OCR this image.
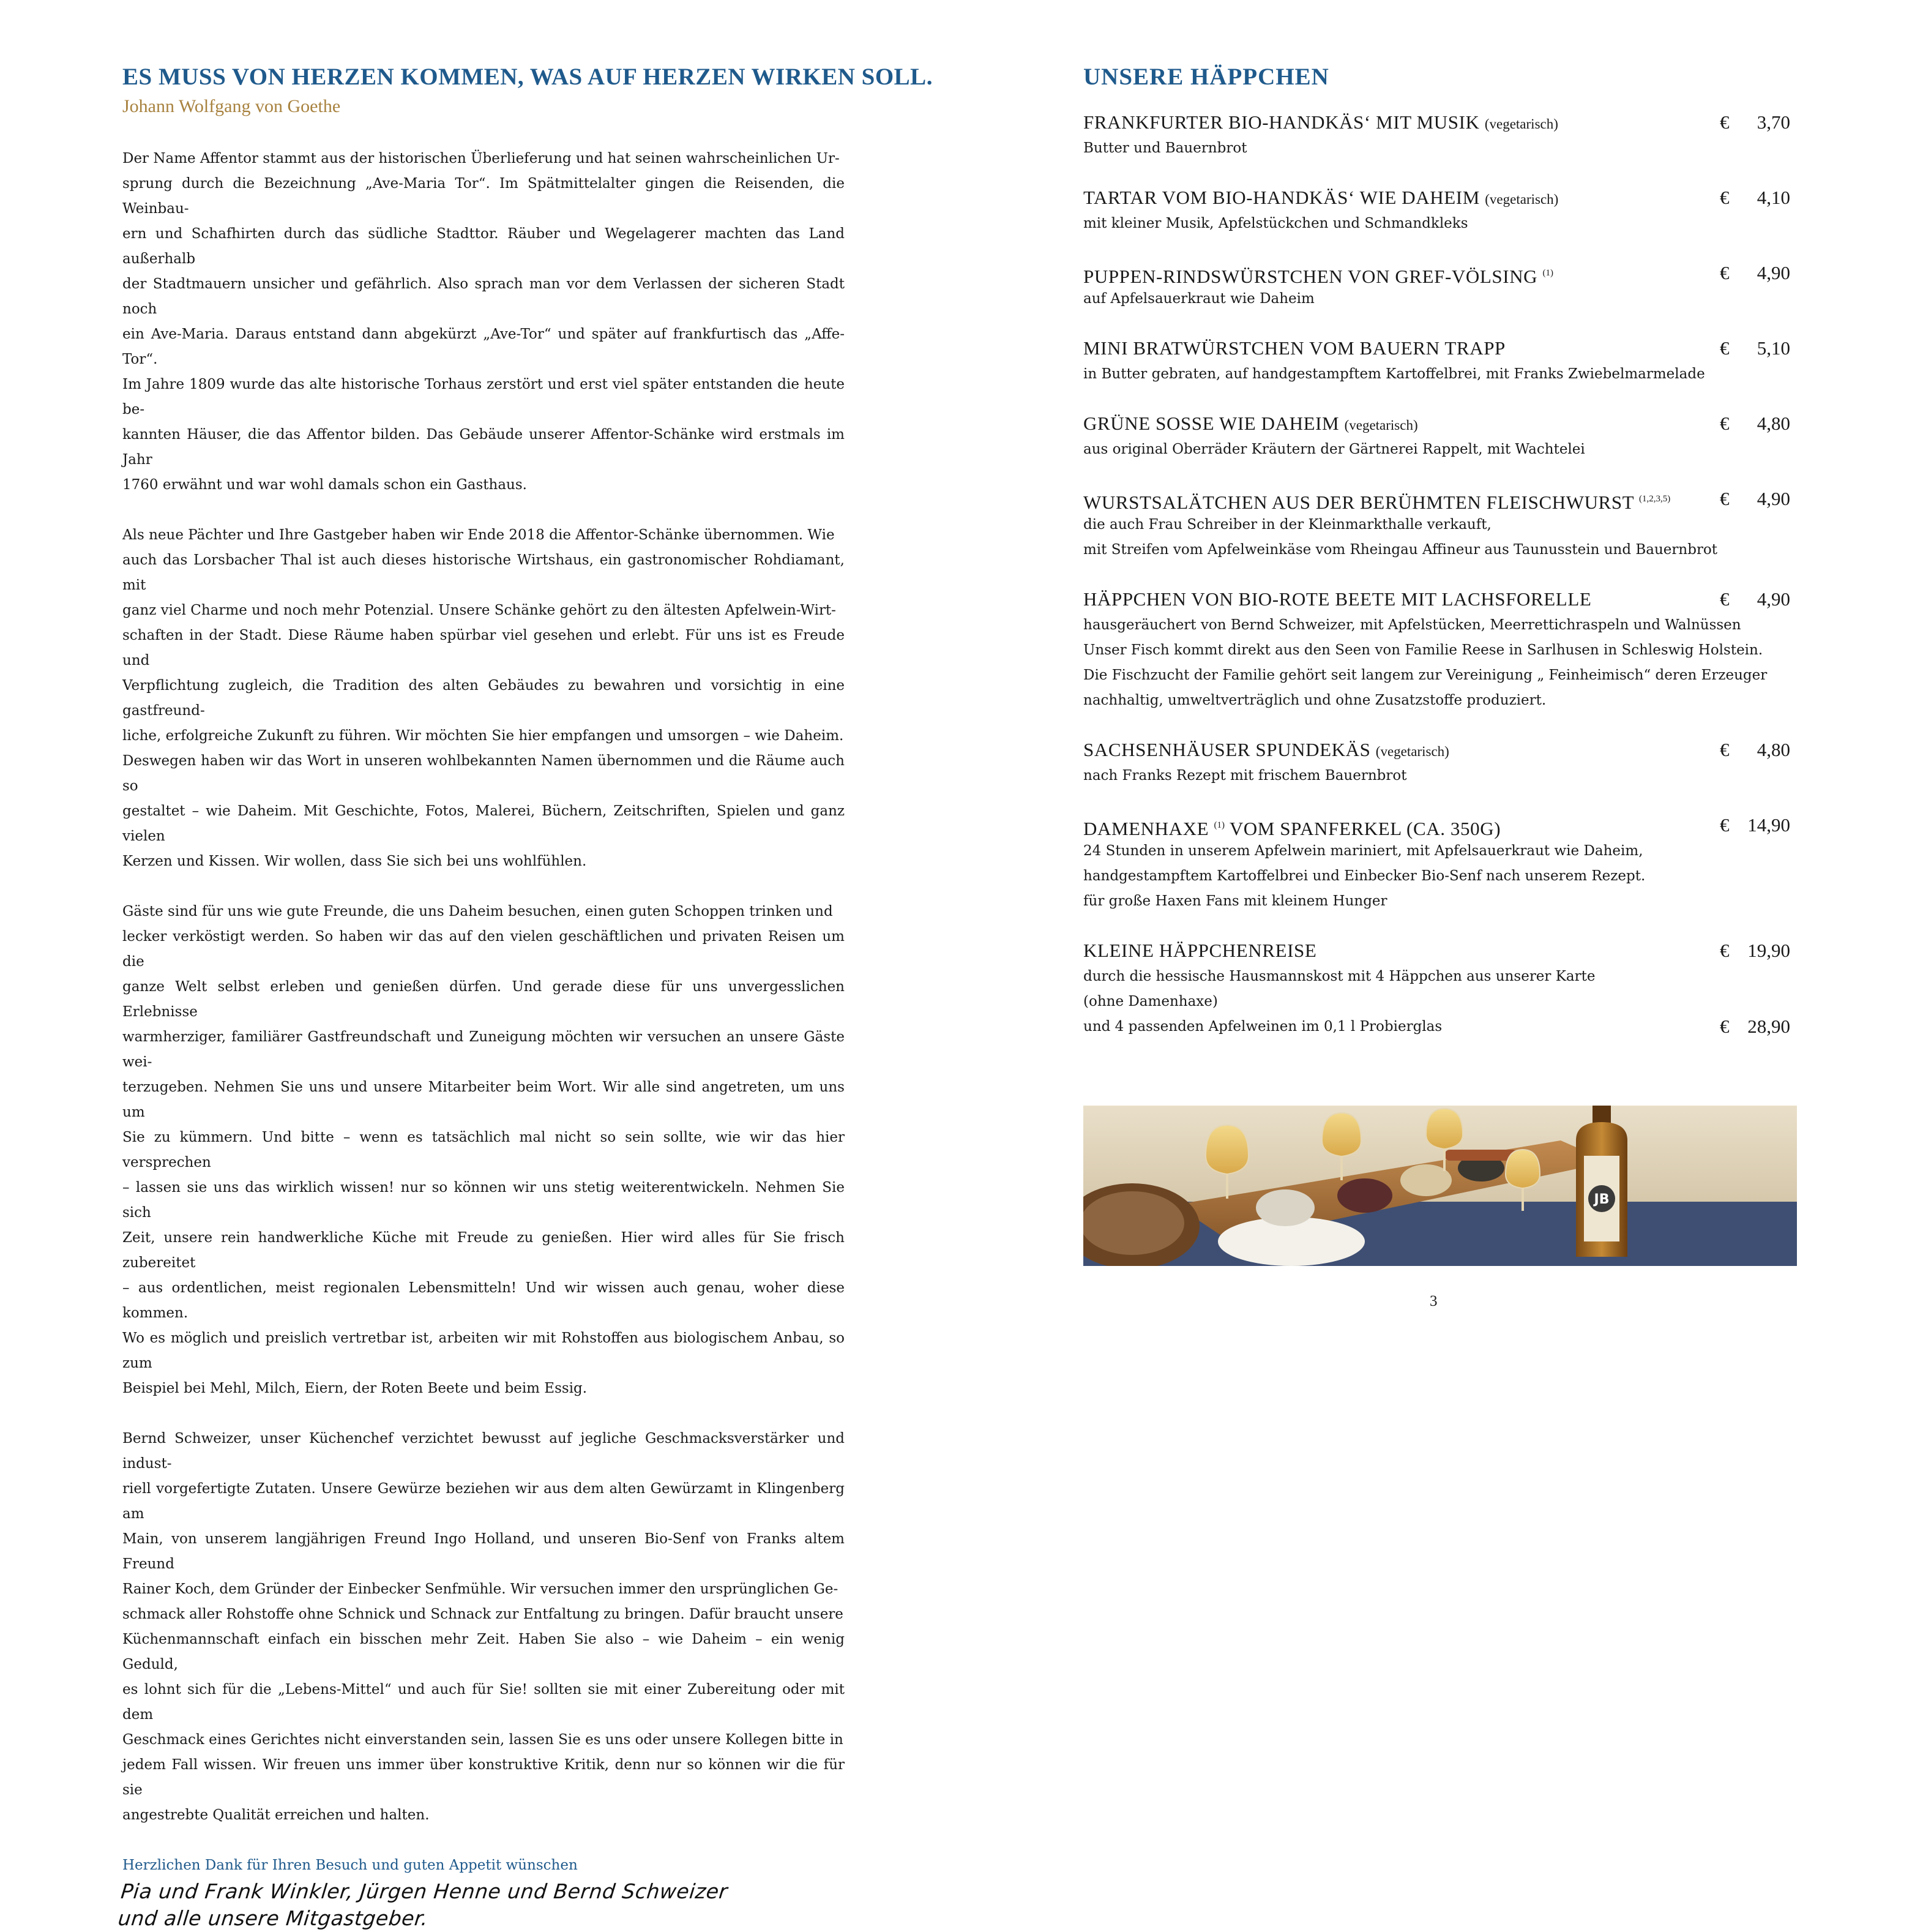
ES MUSS VON HERZEN KOMMEN, WAS AUF HERZEN WIRKEN SOLL.
Johann Wolfgang von Goethe

Der Name Affentor stammt aus der historischen Überlieferung und hat seinen wahrscheinlichen Ur-
sprung durch die Bezeichnung „Ave-Maria Tor“. Im Spätmittelalter gingen die Reisenden, die Weinbau-
ern und Schafhirten durch das südliche Stadttor. Räuber und Wegelagerer machten das Land außerhalb
der Stadtmauern unsicher und gefährlich. Also sprach man vor dem Verlassen der sicheren Stadt noch
ein Ave-Maria. Daraus entstand dann abgekürzt „Ave-Tor“ und später auf frankfurtisch das „Affe-Tor“.
Im Jahre 1809 wurde das alte historische Torhaus zerstört und erst viel später entstanden die heute be-
kannten Häuser, die das Affentor bilden. Das Gebäude unserer Affentor-Schänke wird erstmals im Jahr
1760 erwähnt und war wohl damals schon ein Gasthaus.

Als neue Pächter und Ihre Gastgeber haben wir Ende 2018 die Affentor-Schänke übernommen. Wie
auch das Lorsbacher Thal ist auch dieses historische Wirtshaus, ein gastronomischer Rohdiamant, mit
ganz viel Charme und noch mehr Potenzial. Unsere Schänke gehört zu den ältesten Apfelwein-Wirt-
schaften in der Stadt. Diese Räume haben spürbar viel gesehen und erlebt. Für uns ist es Freude und
Verpflichtung zugleich, die Tradition des alten Gebäudes zu bewahren und vorsichtig in eine gastfreund-
liche, erfolgreiche Zukunft zu führen. Wir möchten Sie hier empfangen und umsorgen – wie Daheim.
Deswegen haben wir das Wort in unseren wohlbekannten Namen übernommen und die Räume auch so
gestaltet – wie Daheim. Mit Geschichte, Fotos, Malerei, Büchern, Zeitschriften, Spielen und ganz vielen
Kerzen und Kissen. Wir wollen, dass Sie sich bei uns wohlfühlen.

Gäste sind für uns wie gute Freunde, die uns Daheim besuchen, einen guten Schoppen trinken und
lecker verköstigt werden. So haben wir das auf den vielen geschäftlichen und privaten Reisen um die
ganze Welt selbst erleben und genießen dürfen. Und gerade diese für uns unvergesslichen Erlebnisse
warmherziger, familiärer Gastfreundschaft und Zuneigung möchten wir versuchen an unsere Gäste wei-
terzugeben. Nehmen Sie uns und unsere Mitarbeiter beim Wort. Wir alle sind angetreten, um uns um
Sie zu kümmern. Und bitte – wenn es tatsächlich mal nicht so sein sollte, wie wir das hier versprechen
– lassen sie uns das wirklich wissen! nur so können wir uns stetig weiterentwickeln. Nehmen Sie sich
Zeit, unsere rein handwerkliche Küche mit Freude zu genießen. Hier wird alles für Sie frisch zubereitet
– aus ordentlichen, meist regionalen Lebensmitteln! Und wir wissen auch genau, woher diese kommen.
Wo es möglich und preislich vertretbar ist, arbeiten wir mit Rohstoffen aus biologischem Anbau, so zum
Beispiel bei Mehl, Milch, Eiern, der Roten Beete und beim Essig.

Bernd Schweizer, unser Küchenchef verzichtet bewusst auf jegliche Geschmacksverstärker und indust-
riell vorgefertigte Zutaten. Unsere Gewürze beziehen wir aus dem alten Gewürzamt in Klingenberg am
Main, von unserem langjährigen Freund Ingo Holland, und unseren Bio-Senf von Franks altem Freund
Rainer Koch, dem Gründer der Einbecker Senfmühle. Wir versuchen immer den ursprünglichen Ge-
schmack aller Rohstoffe ohne Schnick und Schnack zur Entfaltung zu bringen. Dafür braucht unsere
Küchenmannschaft einfach ein bisschen mehr Zeit. Haben Sie also – wie Daheim – ein wenig Geduld,
es lohnt sich für die „Lebens-Mittel“ und auch für Sie! sollten sie mit einer Zubereitung oder mit dem
Geschmack eines Gerichtes nicht einverstanden sein, lassen Sie es uns oder unsere Kollegen bitte in
jedem Fall wissen. Wir freuen uns immer über konstruktive Kritik, denn nur so können wir die für sie
angestrebte Qualität erreichen und halten.

Herzlichen Dank für Ihren Besuch und guten Appetit wünschen
Pia und Frank Winkler, Jürgen Henne und Bernd Schweizer
und alle unsere Mitgastgeber.
UNSERE HÄPPCHEN
FRANKFURTER BIO-HANDKÄS‘ MIT MUSIK (vegetarisch)	€ 3,70

Butter und Bauernbrot

TARTAR VOM BIO-HANDKÄS‘ WIE DAHEIM (vegetarisch)	€ 4,10

mit kleiner Musik, Apfelstückchen und Schmandkleks

PUPPEN-RINDSWÜRSTCHEN VON GREF-VÖLSING $^{(1)}$	€ 4,90

auf Apfelsauerkraut wie Daheim

MINI BRATWÜRSTCHEN VOM BAUERN TRAPP	€ 5,10

in Butter gebraten, auf handgestampftem Kartoffelbrei, mit Franks Zwiebelmarmelade

GRÜNE SOSSE WIE DAHEIM (vegetarisch)	€ 4,80

aus original Oberräder Kräutern der Gärtnerei Rappelt, mit Wachtelei

WURSTSALÄTCHEN AUS DER BERÜHMTEN FLEISCHWURST $^{(1,2,3,5)}$	€ 4,90

die auch Frau Schreiber in der Kleinmarkthalle verkauft,
mit Streifen vom Apfelweinkäse vom Rheingau Affineur aus Taunusstein und Bauernbrot

HÄPPCHEN VON BIO-ROTE BEETE MIT LACHSFORELLE	€ 4,90

hausgeräuchert von Bernd Schweizer, mit Apfelstücken, Meerrettichraspeln und Walnüssen
Unser Fisch kommt direkt aus den Seen von Familie Reese in Sarlhusen in Schleswig Holstein.
Die Fischzucht der Familie gehört seit langem zur Vereinigung „ Feinheimisch“ deren Erzeuger
nachhaltig, umweltverträglich und ohne Zusatzstoffe produziert.

SACHSENHÄUSER SPUNDEKÄS (vegetarisch)	€ 4,80

nach Franks Rezept mit frischem Bauernbrot

DAMENHAXE $^{(1)}$ VOM SPANFERKEL (CA. 350G)	€ 14,90

24 Stunden in unserem Apfelwein mariniert, mit Apfelsauerkraut wie Daheim,
handgestampftem Kartoffelbrei und Einbecker Bio-Senf nach unserem Rezept.
für große Haxen Fans mit kleinem Hunger

KLEINE HÄPPCHENREISE	€ 19,90

durch die hessische Hausmannskost mit 4 Häppchen aus unserer Karte
(ohne Damenhaxe)

und 4 passenden Apfelweinen im 0,1 l Probierglas	€ 28,90
JB
3
